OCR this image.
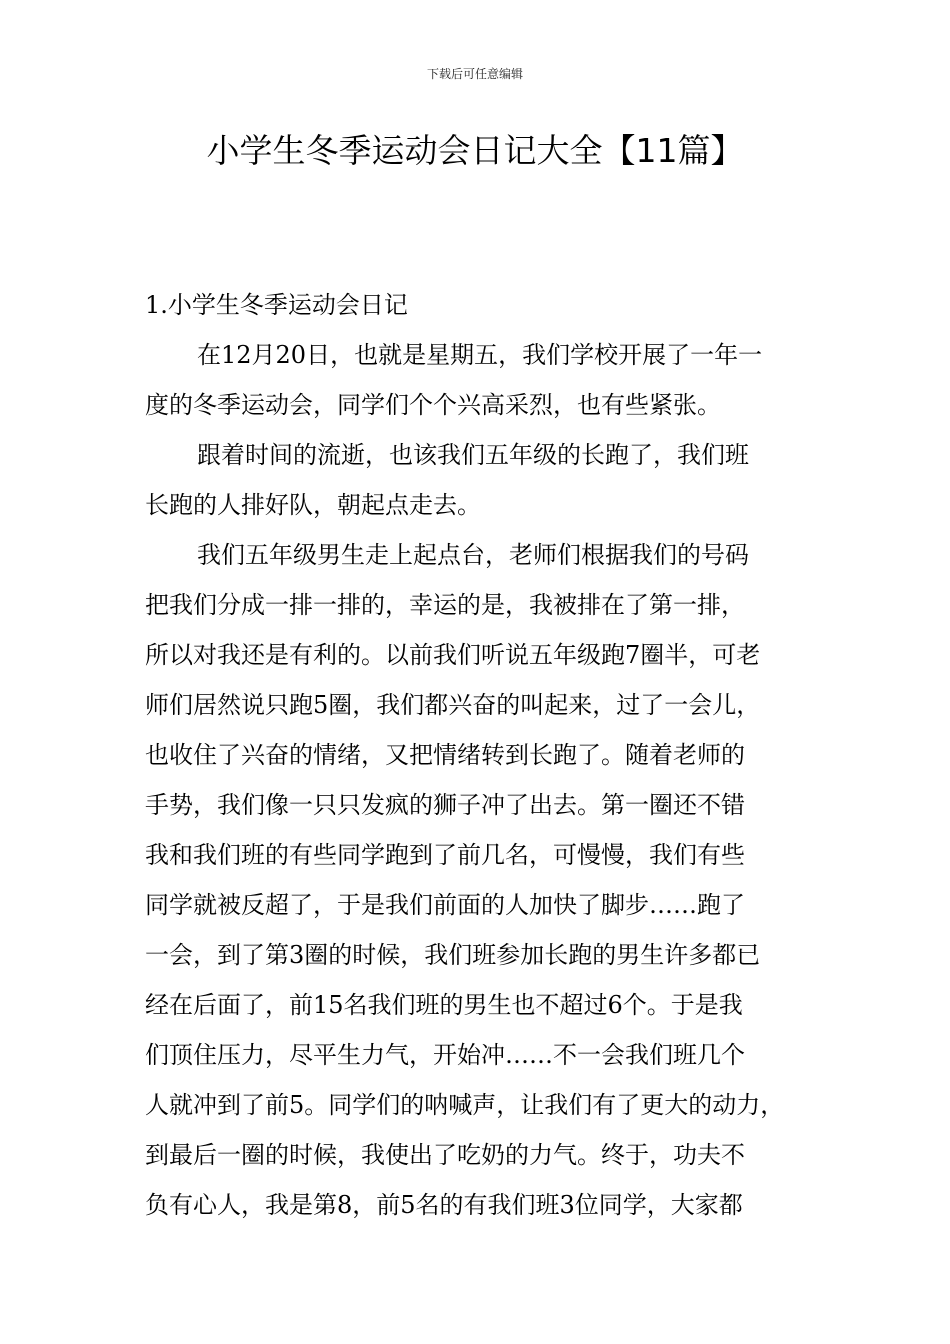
下载后可任意编辑
小学生冬季运动会日记大全【11篇】
1.小学生冬季运动会日记
在12月20日，也就是星期五，我们学校开展了一年一
度的冬季运动会，同学们个个兴高采烈，也有些紧张。
跟着时间的流逝，也该我们五年级的长跑了，我们班
长跑的人排好队，朝起点走去。
我们五年级男生走上起点台，老师们根据我们的号码
把我们分成一排一排的，幸运的是，我被排在了第一排，
所以对我还是有利的。以前我们听说五年级跑7圈半，可老
师们居然说只跑5圈，我们都兴奋的叫起来，过了一会儿，
也收住了兴奋的情绪，又把情绪转到长跑了。随着老师的
手势，我们像一只只发疯的狮子冲了出去。第一圈还不错
我和我们班的有些同学跑到了前几名，可慢慢，我们有些
同学就被反超了，于是我们前面的人加快了脚步……跑了
一会，到了第3圈的时候，我们班参加长跑的男生许多都已
经在后面了，前15名我们班的男生也不超过6个。于是我
们顶住压力，尽平生力气，开始冲……不一会我们班几个
人就冲到了前5。同学们的呐喊声，让我们有了更大的动力，
到最后一圈的时候，我使出了吃奶的力气。终于，功夫不
负有心人，我是第8，前5名的有我们班3位同学，大家都
